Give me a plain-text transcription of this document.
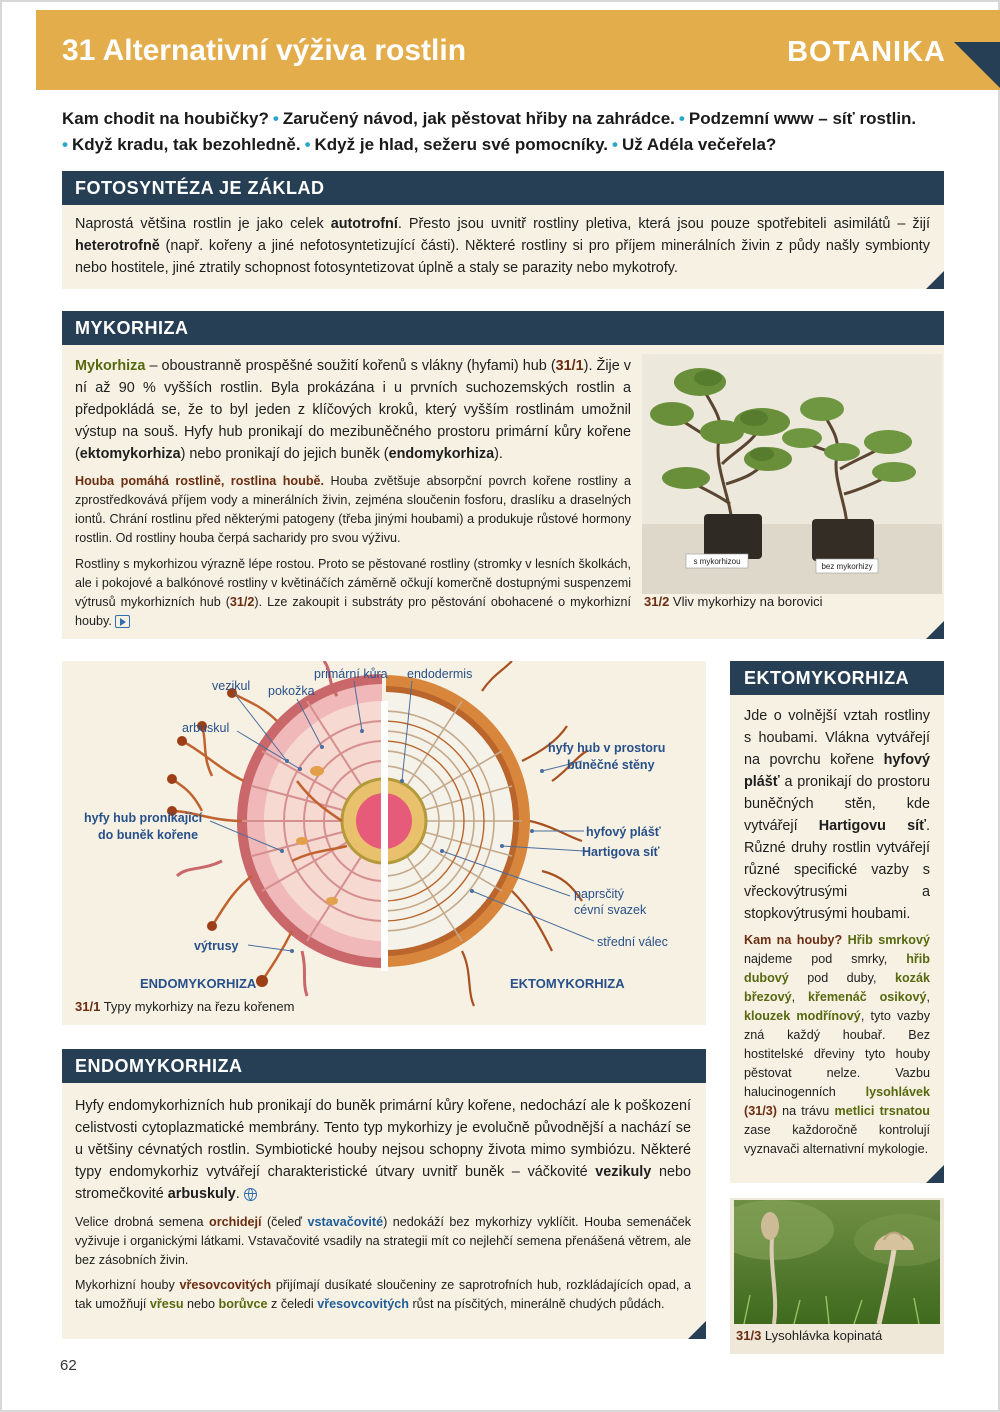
31 Alternativní výživa rostlin	BOTANIKA
Kam chodit na houbičky? • Zaručený návod, jak pěstovat hřiby na zahrádce. • Podzemní www – síť rostlin.
• Když kradu, tak bezohledně. • Když je hlad, sežeru své pomocníky. • Už Adéla večeřela?
FOTOSYNTÉZA JE ZÁKLAD
Naprostá většina rostlin je jako celek autotrofní. Přesto jsou uvnitř rostliny pletiva, která jsou pouze spotřebiteli asimilátů – žijí heterotrofně (např. kořeny a jiné nefotosyntetizující části). Některé rostliny si pro příjem minerálních živin z půdy našly symbionty nebo hostitele, jiné ztratily schopnost fotosyntetizovat úplně a staly se parazity nebo mykotrofy.
MYKORHIZA
Mykorhiza – oboustranně prospěšné soužití kořenů s vlákny (hyfami) hub (31/1). Žije v ní až 90 % vyšších rostlin. Byla prokázána i u prvních suchozemských rostlin a předpokládá se, že to byl jeden z klíčových kroků, který vyšším rostlinám umožnil výstup na souš. Hyfy hub pronikají do mezibuněčného prostoru primární kůry kořene (ektomykorhiza) nebo pronikají do jejich buněk (endomykorhiza).
Houba pomáhá rostlině, rostlina houbě. Houba zvětšuje absorpční povrch kořene rostliny a zprostředkovává příjem vody a minerálních živin, zejména sloučenin fosforu, draslíku a draselných iontů. Chrání rostlinu před některými patogeny (třeba jinými houbami) a produkuje růstové hormony rostlin. Od rostliny houba čerpá sacharidy pro svou výživu.
Rostliny s mykorhizou výrazně lépe rostou. Proto se pěstované rostliny (stromky v lesních školkách, ale i pokojové a balkónové rostliny v květináčích záměrně očkují komerčně dostupnými suspenzemi výtrusů mykorhizních hub (31/2). Lze zakoupit i substráty pro pěstování obohacené o mykorhizní houby.
s mykorhizou
bez mykorhizy
31/2 Vliv mykorhizy na borovici
vezikul pokožka
primární kůra endodermis
arbuskul
hyfy hub v prostoru
buněčné stěny
hyfy hub pronikající
do buněk kořene	hyfový plášť
Hartigova síť
paprsčitý
cévní svazek
výtrusy	střední válec
ENDOMYKORHIZA	EKTOMYKORHIZA
31/1 Typy mykorhizy na řezu kořenem
EKTOMYKORHIZA
Jde o volnější vztah rostliny s houbami. Vlákna vytvářejí na povrchu kořene hyfový plášť a pronikají do prostoru buněčných stěn, kde vytvářejí Hartigovu síť. Různé druhy rostlin vytvářejí různé specifické vazby s vřeckovýtrusými a stopkovýtrusými houbami.
Kam na houby? Hřib smrkový najdeme pod smrky, hřib dubový pod duby, kozák březový, křemenáč osikový, klouzek modřínový, tyto vazby zná každý houbař. Bez hostitelské dřeviny tyto houby pěstovat nelze. Vazbu halucinogenních lysohlávek (31/3) na trávu metlici trsnatou zase každoročně kontrolují vyznavači alternativní mykologie.
31/3 Lysohlávka kopinatá
ENDOMYKORHIZA
Hyfy endomykorhizních hub pronikají do buněk primární kůry kořene, nedochází ale k poškození celistvosti cytoplazmatické membrány. Tento typ mykorhizy je evolučně původnější a nachází se u většiny cévnatých rostlin. Symbiotické houby nejsou schopny života mimo symbiózu. Některé typy endomykorhiz vytvářejí charakteristické útvary uvnitř buněk – váčkovité vezikuly nebo stromečkovité arbuskuly.
Velice drobná semena orchidejí (čeleď vstavačovité) nedokáží bez mykorhizy vyklíčit. Houba semenáček vyživuje i organickými látkami. Vstavačovité vsadily na strategii mít co nejlehčí semena přenášená větrem, ale bez zásobních živin.
Mykorhizní houby vřesovcovitých přijímají dusíkaté sloučeniny ze saprotrofních hub, rozkládajících opad, a tak umožňují vřesu nebo borůvce z čeledi vřesovcovitých růst na písčitých, minerálně chudých půdách.
62
